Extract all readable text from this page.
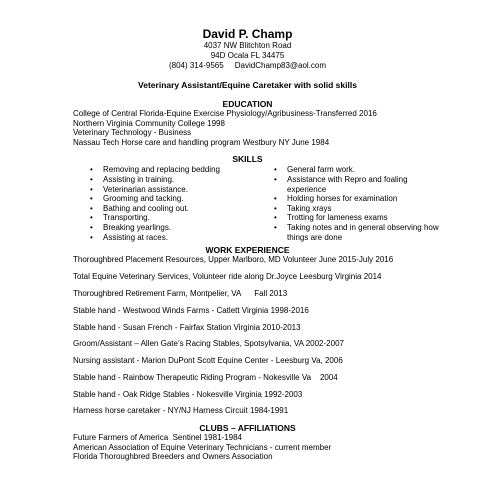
David P. Champ
4037 NW Blitchton Road
94D Ocala FL 34475
(804) 314-9565     DavidChamp83@aol.com
Veterinary Assistant/Equine Caretaker with solid skills
EDUCATION
College of Central Florida-Equine Exercise Physiology/Agribusiness-Transferred 2016
Northern Virginia Community College 1998
Veterinary Technology - Business
Nassau Tech Horse care and handling program Westbury NY June 1984
SKILLS
• Removing and replacing bedding
• Assisting in training.
• Veterinarian assistance.
• Grooming and tacking.
• Bathing and cooling out.
• Transporting.
• Breaking yearlings.
• Assisting at races.
• General farm work.
• Assistance with Repro and foaling experience
• Holding horses for examination
• Taking xrays
• Trotting for lameness exams
• Taking notes and in general observing how things are done
WORK EXPERIENCE
Thoroughbred Placement Resources, Upper Marlboro, MD Volunteer June 2015-July 2016
Total Equine Veterinary Services, Volunteer ride along Dr.Joyce Leesburg Virginia 2014
Thoroughbred Retirement Farm, Montpelier, VA      Fall 2013
Stable hand - Westwood Winds Farms - Catlett Virginia 1998-2016
Stable hand - Susan French - Fairfax Station Virginia 2010-2013
Groom/Assistant – Allen Gate’s Racing Stables, Spotsylvania, VA 2002-2007
Nursing assistant - Marion DuPont Scott Equine Center - Leesburg Va, 2006
Stable hand - Rainbow Therapeutic Riding Program - Nokesville Va    2004
Stable hand - Oak Ridge Stables - Nokesville Virginia 1992-2003
Harness horse caretaker - NY/NJ Harness Circuit 1984-1991
CLUBS – AFFILIATIONS
Future Farmers of America  Sentinel 1981-1984
American Association of Equine Veterinary Technicians - current member
Florida Thoroughbred Breeders and Owners Association
